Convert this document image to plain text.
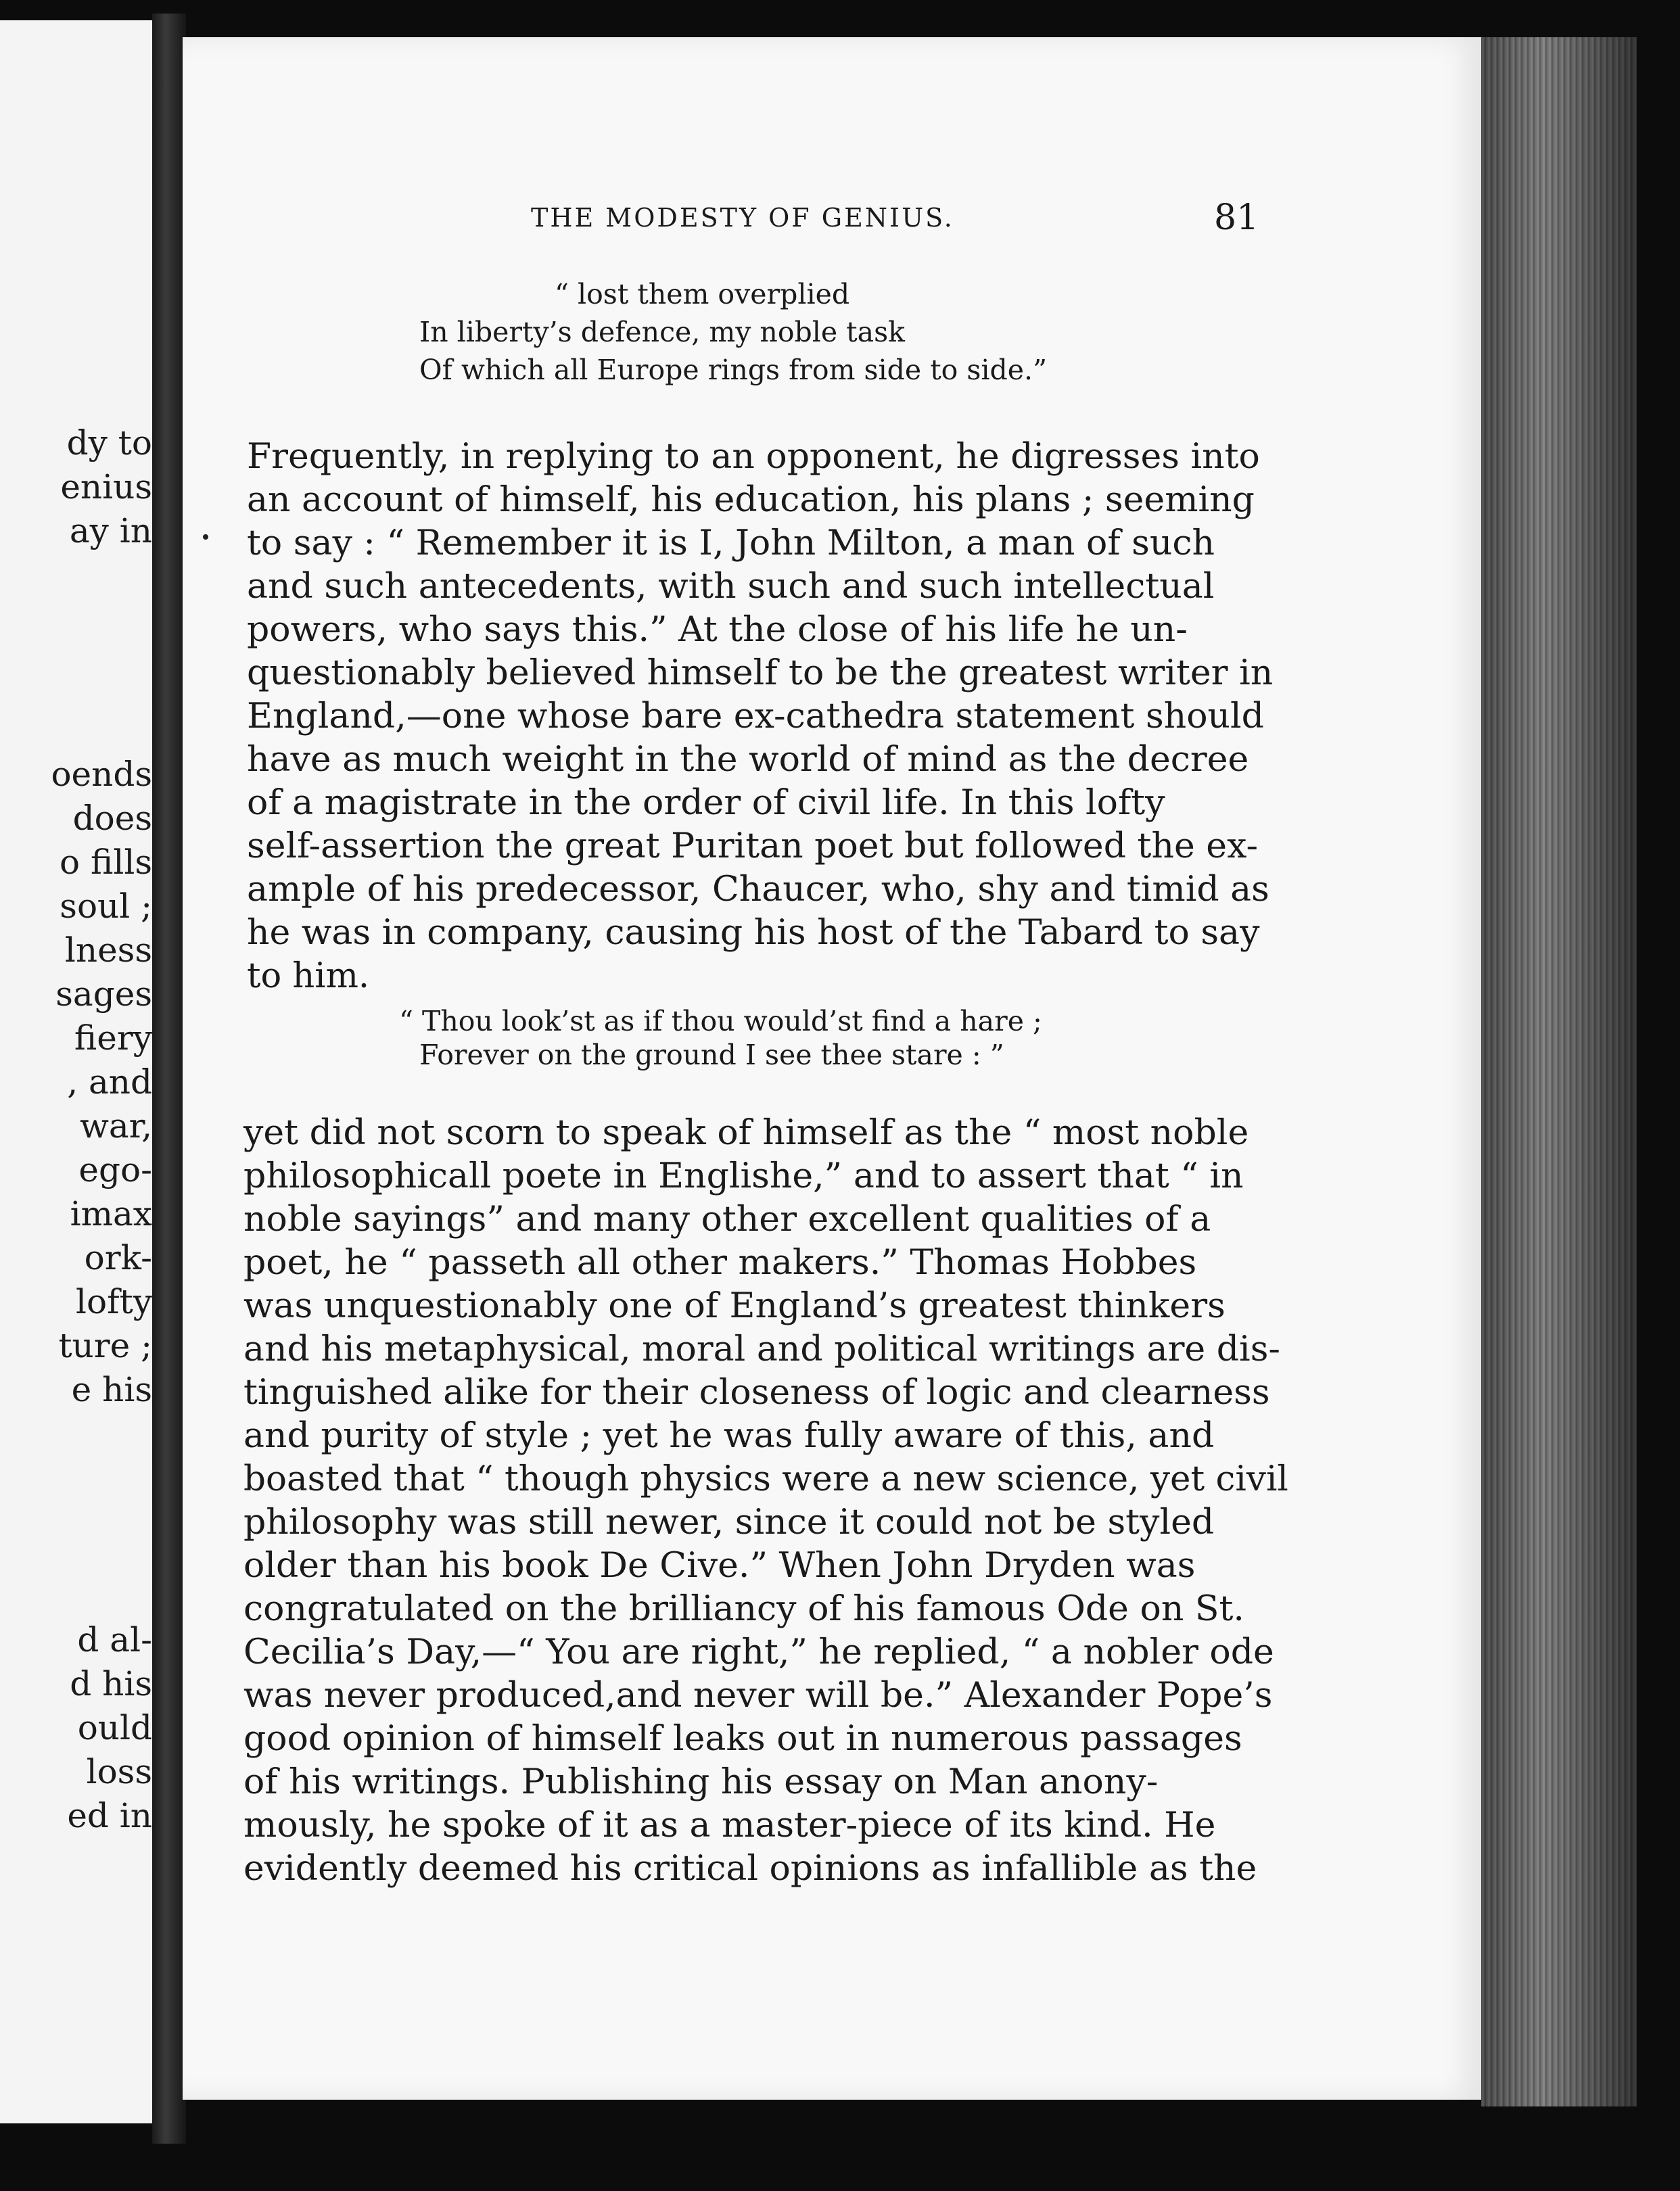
dy to
enius
ay in
oends
does
o fills
soul ;
lness
sages
fiery
, and
war,
ego-
imax
ork-
lofty
ture ;
e his
d al-
d his
ould
loss
ed in
THE MODESTY OF GENIUS.	81
“ lost them overplied
In liberty’s defence, my noble task
Of which all Europe rings from side to side.”
Frequently, in replying to an opponent, he digresses into
an account of himself, his education, his plans ; seeming
to say : “ Remember it is I, John Milton, a man of such
and such antecedents, with such and such intellectual
powers, who says this.” At the close of his life he un-
questionably believed himself to be the greatest writer in
England,—one whose bare ex-cathedra statement should
have as much weight in the world of mind as the decree
of a magistrate in the order of civil life. In this lofty
self-assertion the great Puritan poet but followed the ex-
ample of his predecessor, Chaucer, who, shy and timid as
he was in company, causing his host of the Tabard to say
to him.
“ Thou look’st as if thou would’st find a hare ;
Forever on the ground I see thee stare : ”
yet did not scorn to speak of himself as the “ most noble
philosophicall poete in Englishe,” and to assert that “ in
noble sayings” and many other excellent qualities of a
poet, he “ passeth all other makers.” Thomas Hobbes
was unquestionably one of England’s greatest thinkers
and his metaphysical, moral and political writings are dis-
tinguished alike for their closeness of logic and clearness
and purity of style ; yet he was fully aware of this, and
boasted that “ though physics were a new science, yet civil
philosophy was still newer, since it could not be styled
older than his book De Cive.” When John Dryden was
congratulated on the brilliancy of his famous Ode on St.
Cecilia’s Day,—“ You are right,” he replied, “ a nobler ode
was never produced,and never will be.” Alexander Pope’s
good opinion of himself leaks out in numerous passages
of his writings. Publishing his essay on Man anony-
mously, he spoke of it as a master-piece of its kind. He
evidently deemed his critical opinions as infallible as the
